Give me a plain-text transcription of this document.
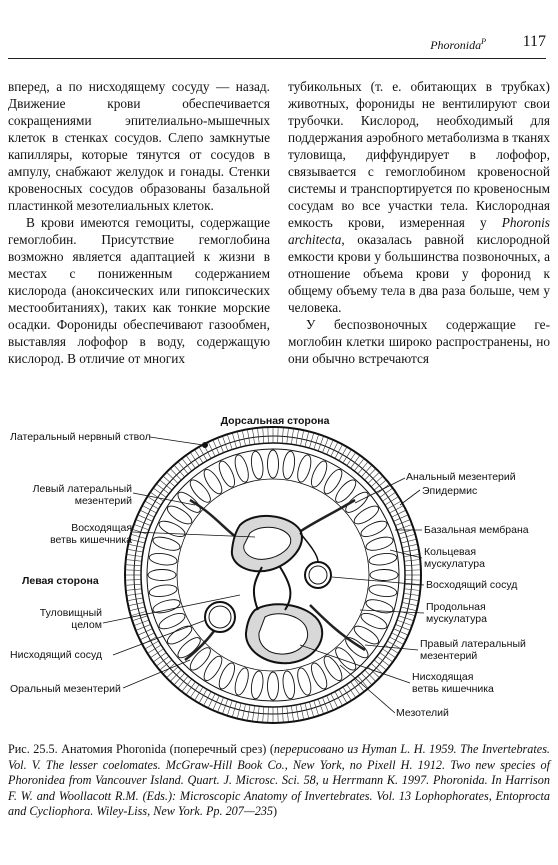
Phoronida$^P$ 117

вперед, а по нисходящему сосуду — назад. Движение крови обеспечивается сокращениями эпителиально-мышечных клеток в стенках сосудов. Слепо замкнутые капилляры, которые тянутся от сосудов в ампулу, снабжают желудок и гонады. Стенки кровеносных сосудов образованы базальной пластинкой мезотелиальных клеток.

В крови имеются гемоциты, содержащие гемоглобин. Присутствие гемоглобина возможно является адаптацией к жизни в местах с пониженным содержанием кислорода (аноксических или гипоксических местообитаниях), таких как тонкие морские осадки. Форониды обеспечивают газообмен, выставляя лофофор в воду, содержащую кислород. В отличие от многих

тубикольных (т. е. обитающих в трубках) животных, форониды не вентилируют свои трубочки. Кислород, необходимый для поддержания аэробного метаболизма в тканях туловища, диффундирует в лофофор, связывается с гемоглобином кровеносной системы и транспортируется по кровеносным сосудам во все участки тела. Кислородная емкость крови, измеренная у Phoronis architecta, оказалась равной кислородной емкости крови у большинства позвоночных, а отношение объема крови у форонид к общему объему тела в два раза больше, чем у человека.

У беспозвоночных содержащие гемоглобин клетки широко распространены, но они обычно встречаются

Дорсальная сторона
Латеральный нервный ствол
Левый латеральный
мезентерий
Восходящая
ветвь кишечника
Левая сторона
Туловищный
целом
Нисходящий сосуд
Оральный мезентерий
Анальный мезентерий
Эпидермис
Базальная мембрана
Кольцевая
мускулатура
Восходящий сосуд
Продольная
мускулатура
Правый латеральный
мезентерий
Нисходящая
ветвь кишечника
Мезотелий
Рис. 25.5. Анатомия Phoronida (поперечный срез) (перерисовано из Hyman L. H. 1959. The Invertebrates. Vol. V. The lesser coelomates. McGraw-Hill Book Co., New York, по Pixell H. 1912. Two new species of Phoronidea from Vancouver Island. Quart. J. Microsc. Sci. 58, и Herrmann K. 1997. Phoronida. In Harrison F. W. and Woollacott R.M. (Eds.): Microscopic Anatomy of Invertebrates. Vol. 13 Lophophorates, Entoprocta and Cycliophora. Wiley-Liss, New York. Pp. 207—235)
